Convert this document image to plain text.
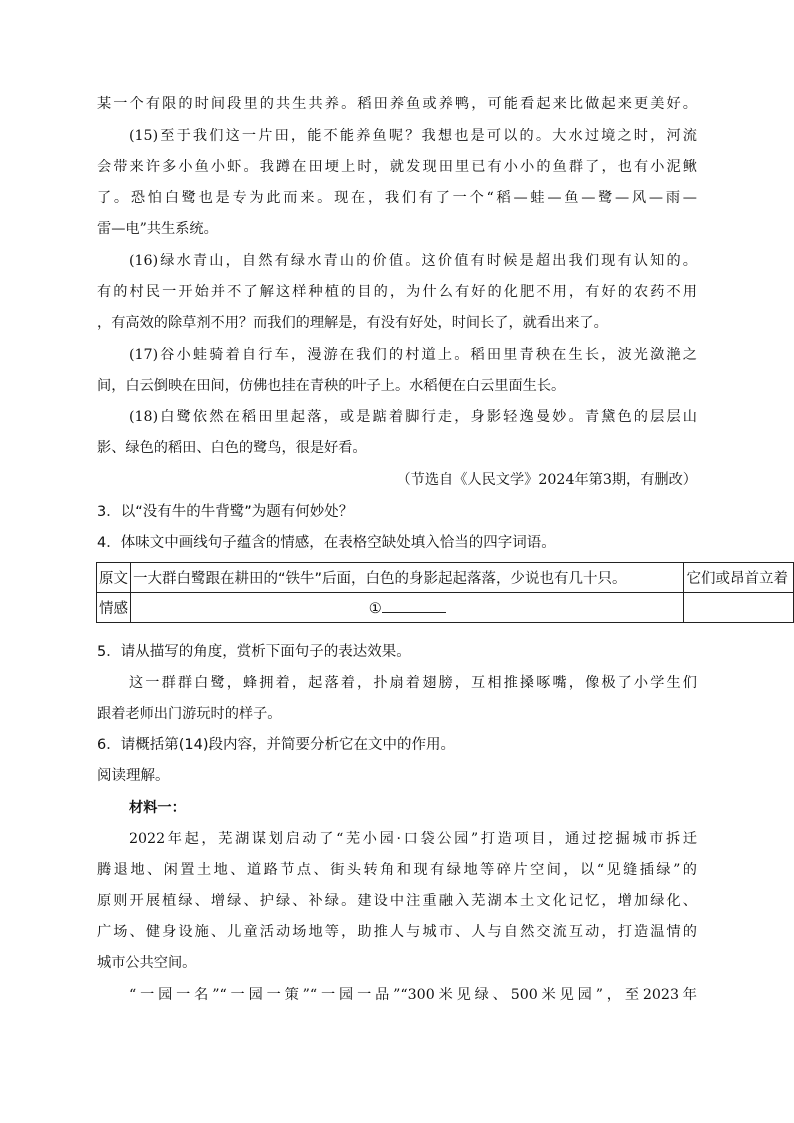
某一个有限的时间段里的共生共养。稻田养鱼或养鸭，可能看起来比做起来更美好。
(15)至于我们这一片田，能不能养鱼呢？我想也是可以的。大水过境之时，河流
会带来许多小鱼小虾。我蹲在田埂上时，就发现田里已有小小的鱼群了，也有小泥鳅
了。恐怕白鹭也是专为此而来。现在，我们有了一个“稻—蛙—鱼—鹭—风—雨—
雷—电”共生系统。
(16)绿水青山，自然有绿水青山的价值。这价值有时候是超出我们现有认知的。
有的村民一开始并不了解这样种植的目的，为什么有好的化肥不用，有好的农药不用
，有高效的除草剂不用？而我们的理解是，有没有好处，时间长了，就看出来了。
(17)谷小蛙骑着自行车，漫游在我们的村道上。稻田里青秧在生长，波光潋滟之
间，白云倒映在田间，仿佛也挂在青秧的叶子上。水稻便在白云里面生长。
(18)白鹭依然在稻田里起落，或是踮着脚行走，身影轻逸曼妙。青黛色的层层山
影、绿色的稻田、白色的鹭鸟，很是好看。
（节选自《人民文学》2024年第3期，有删改）
3．以“没有牛的牛背鹭”为题有何妙处？
4．体味文中画线句子蕴含的情感，在表格空缺处填入恰当的四字词语。
原文	一大群白鹭跟在耕田的“铁牛”后面，白色的身影起起落落，少说也有几十只。	它们或昂首立着
情感	①	
5．请从描写的角度，赏析下面句子的表达效果。
这一群群白鹭，蜂拥着，起落着，扑扇着翅膀，互相推搡啄嘴，像极了小学生们
跟着老师出门游玩时的样子。
6．请概括第(14)段内容，并简要分析它在文中的作用。
阅读理解。
材料一：
2022年起，芜湖谋划启动了“芜小园·口袋公园”打造项目，通过挖掘城市拆迁
腾退地、闲置土地、道路节点、街头转角和现有绿地等碎片空间，以“见缝插绿”的
原则开展植绿、增绿、护绿、补绿。建设中注重融入芜湖本土文化记忆，增加绿化、
广场、健身设施、儿童活动场地等，助推人与城市、人与自然交流互动，打造温情的
城市公共空间。
“一园一名”“一园一策”“一园一品”“300米见绿、500米见园”，至2023年
